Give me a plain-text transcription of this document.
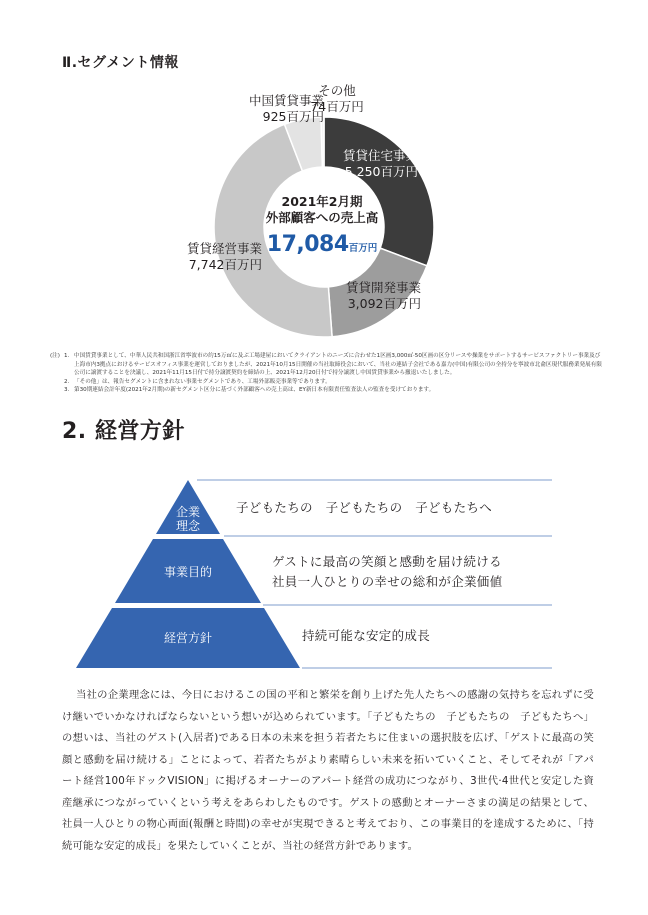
Ⅱ.セグメント情報
中国賃貸事業
925百万円
その他
74百万円
賃貸住宅事業
5,250百万円
賃貸開発事業
3,092百万円
賃貸経営事業
7,742百万円
2021年2月期
外部顧客への売上高
17,084百万円
(注) 1. 中国賃貸事業として、中華人民共和国浙江省寧波市の約15万㎡に及ぶ工場建屋においてクライアントのニーズに合わせた1区画3,000㎡·50区画の区分リースや操業をサポートするサービスファクトリー事業及び上海市内3拠点におけるサービスオフィス事業を運営しておりましたが、2021年10月15日開催の当社取締役会において、当社の連結子会社である嘉力(中国)有限公司の全持分を寧波市北侖区現代服務業発展有限公司に譲渡することを決議し、2021年11月15日付で持分譲渡契約を締結の上、2021年12月20日付で持分譲渡し中国賃貸事業から撤退いたしました。
2. 「その他」は、報告セグメントに含まれない事業セグメントであり、工場外部販売事業等であります。
3. 第30期連結会計年度(2021年2月期)の新セグメント区分に基づく外部顧客への売上高は、EY新日本有限責任監査法人の監査を受けております。
2. 経営方針
企業
理念
事業目的
経営方針
子どもたちの　子どもたちの　子どもたちへ
ゲストに最高の笑顔と感動を届け続ける
社員一人ひとりの幸せの総和が企業価値
持続可能な安定的成長
当社の企業理念には、今日におけるこの国の平和と繁栄を創り上げた先人たちへの感謝の気持ちを忘れずに受け継いでいかなければならないという想いが込められています。「子どもたちの　子どもたちの　子どもたちへ」の想いは、当社のゲスト(入居者)である日本の未来を担う若者たちに住まいの選択肢を広げ、「ゲストに最高の笑顔と感動を届け続ける」ことによって、若者たちがより素晴らしい未来を拓いていくこと、そしてそれが「アパート経営100年ドックVISION」に掲げるオーナーのアパート経営の成功につながり、3世代·4世代と安定した資産継承につながっていくという考えをあらわしたものです。ゲストの感動とオーナーさまの満足の結果として、社員一人ひとりの物心両面(報酬と時間)の幸せが実現できると考えており、この事業目的を達成するために、「持続可能な安定的成長」を果たしていくことが、当社の経営方針であります。
